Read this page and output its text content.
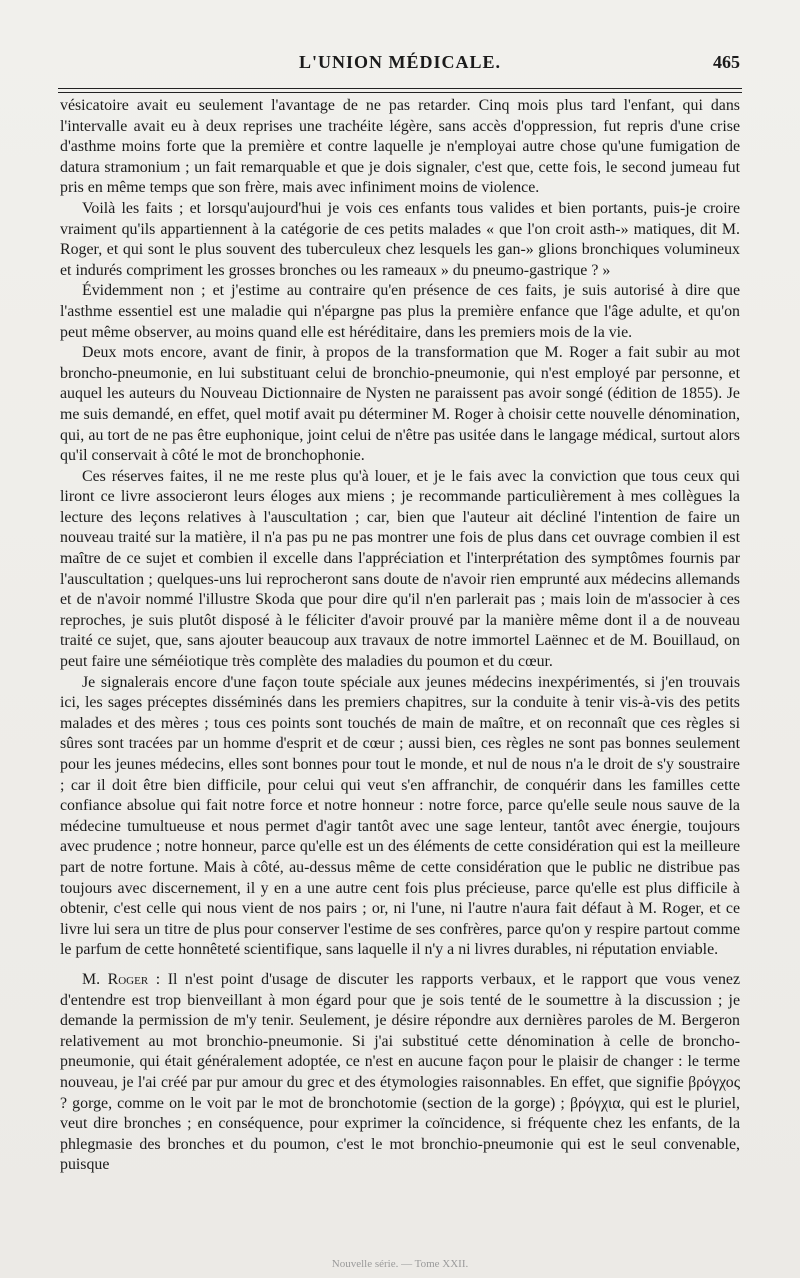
L'UNION MÉDICALE.	465

vésicatoire avait eu seulement l'avantage de ne pas retarder. Cinq mois plus tard l'enfant, qui dans l'intervalle avait eu à deux reprises une trachéite légère, sans accès d'oppression, fut repris d'une crise d'asthme moins forte que la première et contre laquelle je n'employai autre chose qu'une fumigation de datura stramonium ; un fait remarquable et que je dois signaler, c'est que, cette fois, le second jumeau fut pris en même temps que son frère, mais avec infiniment moins de violence.

Voilà les faits ; et lorsqu'aujourd'hui je vois ces enfants tous valides et bien portants, puis-je croire vraiment qu'ils appartiennent à la catégorie de ces petits malades « que l'on croit asth-» matiques, dit M. Roger, et qui sont le plus souvent des tuberculeux chez lesquels les gan-» glions bronchiques volumineux et indurés compriment les grosses bronches ou les rameaux » du pneumo-gastrique ? »

Évidemment non ; et j'estime au contraire qu'en présence de ces faits, je suis autorisé à dire que l'asthme essentiel est une maladie qui n'épargne pas plus la première enfance que l'âge adulte, et qu'on peut même observer, au moins quand elle est héréditaire, dans les premiers mois de la vie.

Deux mots encore, avant de finir, à propos de la transformation que M. Roger a fait subir au mot broncho-pneumonie, en lui substituant celui de bronchio-pneumonie, qui n'est employé par personne, et auquel les auteurs du Nouveau Dictionnaire de Nysten ne paraissent pas avoir songé (édition de 1855). Je me suis demandé, en effet, quel motif avait pu déterminer M. Roger à choisir cette nouvelle dénomination, qui, au tort de ne pas être euphonique, joint celui de n'être pas usitée dans le langage médical, surtout alors qu'il conservait à côté le mot de bronchophonie.

Ces réserves faites, il ne me reste plus qu'à louer, et je le fais avec la conviction que tous ceux qui liront ce livre associeront leurs éloges aux miens ; je recommande particulièrement à mes collègues la lecture des leçons relatives à l'auscultation ; car, bien que l'auteur ait décliné l'intention de faire un nouveau traité sur la matière, il n'a pas pu ne pas montrer une fois de plus dans cet ouvrage combien il est maître de ce sujet et combien il excelle dans l'appréciation et l'interprétation des symptômes fournis par l'auscultation ; quelques-uns lui reprocheront sans doute de n'avoir rien emprunté aux médecins allemands et de n'avoir nommé l'illustre Skoda que pour dire qu'il n'en parlerait pas ; mais loin de m'associer à ces reproches, je suis plutôt disposé à le féliciter d'avoir prouvé par la manière même dont il a de nouveau traité ce sujet, que, sans ajouter beaucoup aux travaux de notre immortel Laënnec et de M. Bouillaud, on peut faire une séméiotique très complète des maladies du poumon et du cœur.

Je signalerais encore d'une façon toute spéciale aux jeunes médecins inexpérimentés, si j'en trouvais ici, les sages préceptes disséminés dans les premiers chapitres, sur la conduite à tenir vis-à-vis des petits malades et des mères ; tous ces points sont touchés de main de maître, et on reconnaît que ces règles si sûres sont tracées par un homme d'esprit et de cœur ; aussi bien, ces règles ne sont pas bonnes seulement pour les jeunes médecins, elles sont bonnes pour tout le monde, et nul de nous n'a le droit de s'y soustraire ; car il doit être bien difficile, pour celui qui veut s'en affranchir, de conquérir dans les familles cette confiance absolue qui fait notre force et notre honneur : notre force, parce qu'elle seule nous sauve de la médecine tumultueuse et nous permet d'agir tantôt avec une sage lenteur, tantôt avec énergie, toujours avec prudence ; notre honneur, parce qu'elle est un des éléments de cette considération qui est la meilleure part de notre fortune. Mais à côté, au-dessus même de cette considération que le public ne distribue pas toujours avec discernement, il y en a une autre cent fois plus précieuse, parce qu'elle est plus difficile à obtenir, c'est celle qui nous vient de nos pairs ; or, ni l'une, ni l'autre n'aura fait défaut à M. Roger, et ce livre lui sera un titre de plus pour conserver l'estime de ses confrères, parce qu'on y respire partout comme le parfum de cette honnêteté scientifique, sans laquelle il n'y a ni livres durables, ni réputation enviable.

M. Roger : Il n'est point d'usage de discuter les rapports verbaux, et le rapport que vous venez d'entendre est trop bienveillant à mon égard pour que je sois tenté de le soumettre à la discussion ; je demande la permission de m'y tenir. Seulement, je désire répondre aux dernières paroles de M. Bergeron relativement au mot bronchio-pneumonie. Si j'ai substitué cette dénomination à celle de broncho-pneumonie, qui était généralement adoptée, ce n'est en aucune façon pour le plaisir de changer : le terme nouveau, je l'ai créé par pur amour du grec et des étymologies raisonnables. En effet, que signifie βρόγχος ? gorge, comme on le voit par le mot de bronchotomie (section de la gorge) ; βρόγχια, qui est le pluriel, veut dire bronches ; en conséquence, pour exprimer la coïncidence, si fréquente chez les enfants, de la phlegmasie des bronches et du poumon, c'est le mot bronchio-pneumonie qui est le seul convenable, puisque

Nouvelle série. — Tome XXII.
